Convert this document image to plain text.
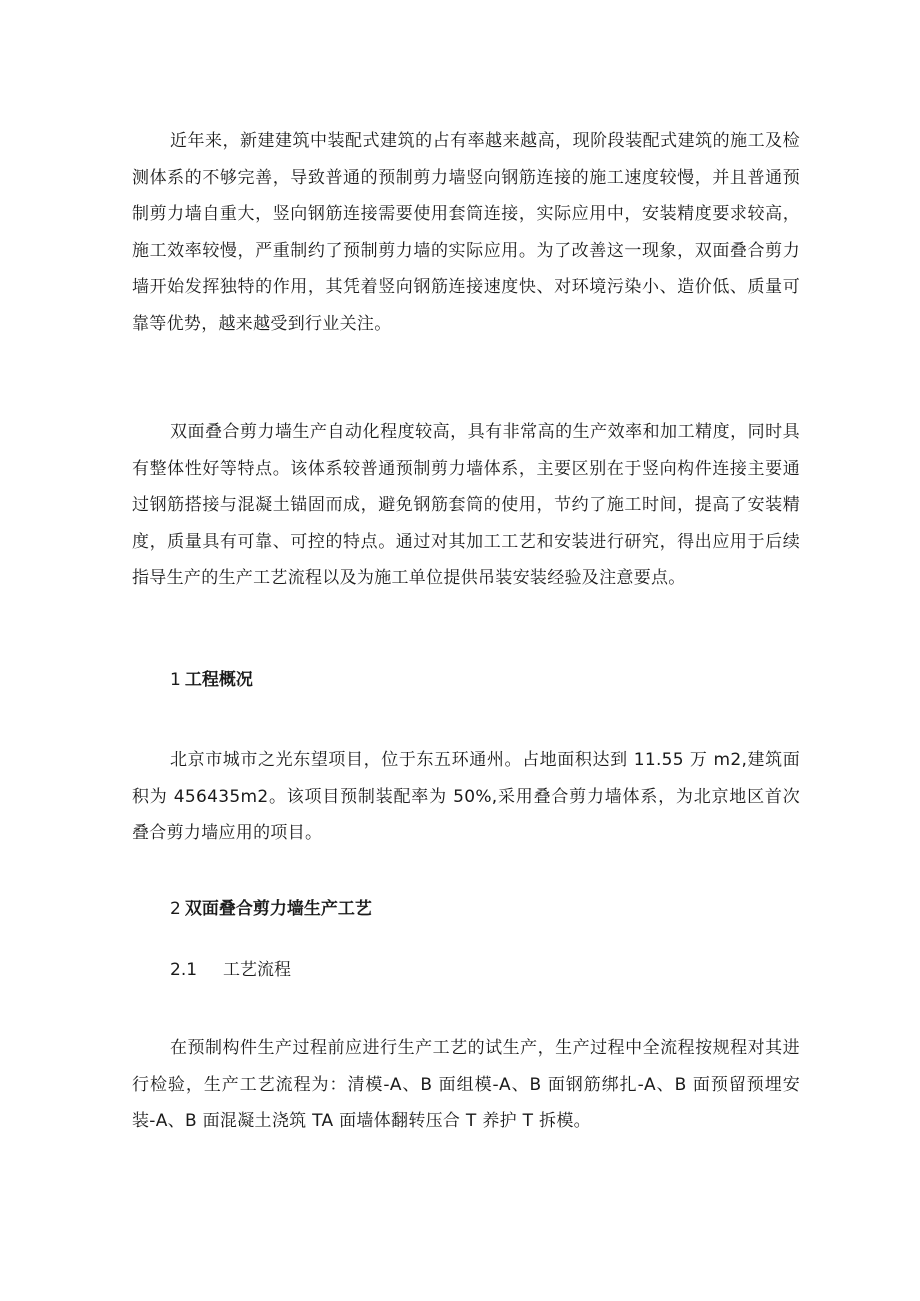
近年来，新建建筑中装配式建筑的占有率越来越高，现阶段装配式建筑的施工及检测体系的不够完善，导致普通的预制剪力墙竖向钢筋连接的施工速度较慢，并且普通预制剪力墙自重大，竖向钢筋连接需要使用套筒连接，实际应用中，安装精度要求较高，施工效率较慢，严重制约了预制剪力墙的实际应用。为了改善这一现象，双面叠合剪力墙开始发挥独特的作用，其凭着竖向钢筋连接速度快、对环境污染小、造价低、质量可靠等优势，越来越受到行业关注。

双面叠合剪力墙生产自动化程度较高，具有非常高的生产效率和加工精度，同时具有整体性好等特点。该体系较普通预制剪力墙体系，主要区别在于竖向构件连接主要通过钢筋搭接与混凝土锚固而成，避免钢筋套筒的使用，节约了施工时间，提高了安装精度，质量具有可靠、可控的特点。通过对其加工工艺和安装进行研究，得出应用于后续指导生产的生产工艺流程以及为施工单位提供吊装安装经验及注意要点。

1 工程概况

北京市城市之光东望项目，位于东五环通州。占地面积达到 11.55 万 m2,建筑面积为 456435m2。该项目预制装配率为 50%,采用叠合剪力墙体系，为北京地区首次叠合剪力墙应用的项目。

2 双面叠合剪力墙生产工艺
2.1 工艺流程

在预制构件生产过程前应进行生产工艺的试生产，生产过程中全流程按规程对其进行检验，生产工艺流程为：清模-A、B 面组模-A、B 面钢筋绑扎-A、B 面预留预埋安装-A、B 面混凝土浇筑 TA 面墙体翻转压合 T 养护 T 拆模。
